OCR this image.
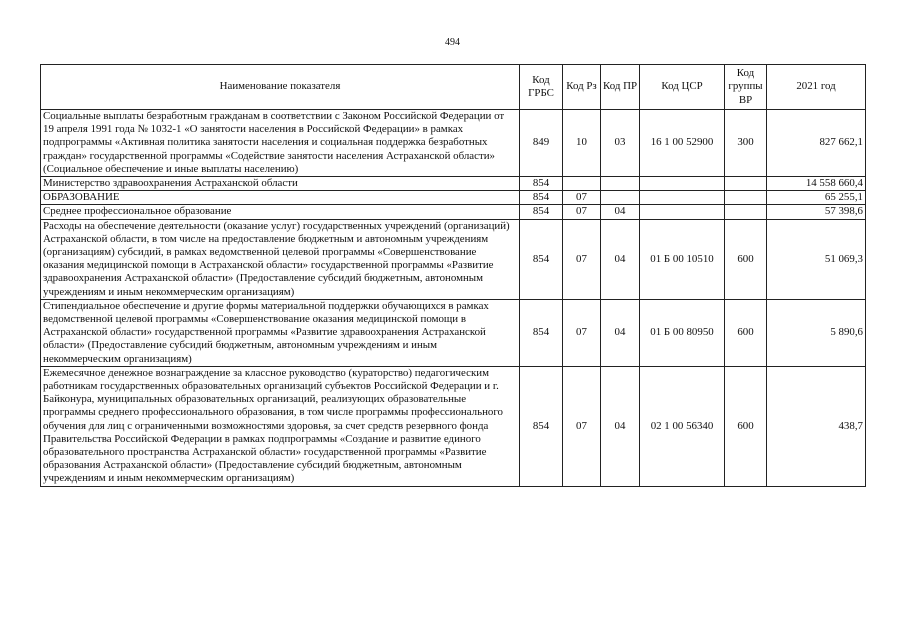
494
Наименование показателя	Код ГРБС	Код Рз	Код ПР	Код ЦСР	Код группы ВР	2021 год
Социальные выплаты безработным гражданам в соответствии с Законом Российской Федерации от 19 апреля 1991 года № 1032-1 «О занятости населения в Российской Федерации» в рамках подпрограммы «Активная политика занятости населения и социальная поддержка безработных граждан» государственной программы «Содействие занятости населения Астраханской области» (Социальное обеспечение и иные выплаты населению)	849	10	03	16 1 00 52900	300	827 662,1
Министерство здравоохранения Астраханской области	854					14 558 660,4
ОБРАЗОВАНИЕ	854	07				65 255,1
Среднее профессиональное образование	854	07	04			57 398,6
Расходы на обеспечение деятельности (оказание услуг) государственных учреждений (организаций) Астраханской области, в том числе на предоставление бюджетным и автономным учреждениям (организациям) субсидий, в рамках ведомственной целевой программы «Совершенствование оказания медицинской помощи в Астраханской области» государственной программы «Развитие здравоохранения Астраханской области» (Предоставление субсидий бюджетным, автономным учреждениям и иным некоммерческим организациям)	854	07	04	01 Б 00 10510	600	51 069,3
Стипендиальное обеспечение и другие формы материальной поддержки обучающихся в рамках ведомственной целевой программы «Совершенствование оказания медицинской помощи в Астраханской области» государственной программы «Развитие здравоохранения Астраханской области» (Предоставление субсидий бюджетным, автономным учреждениям и иным некоммерческим организациям)	854	07	04	01 Б 00 80950	600	5 890,6
Ежемесячное денежное вознаграждение за классное руководство (кураторство) педагогическим работникам государственных образовательных организаций субъектов Российской Федерации и г. Байконура, муниципальных образовательных организаций, реализующих образовательные программы среднего профессионального образования, в том числе программы профессионального обучения для лиц с ограниченными возможностями здоровья, за счет средств резервного фонда Правительства Российской Федерации в рамках подпрограммы «Создание и развитие единого образовательного пространства Астраханской области» государственной программы «Развитие образования Астраханской области» (Предоставление субсидий бюджетным, автономным учреждениям и иным некоммерческим организациям)	854	07	04	02 1 00 56340	600	438,7
